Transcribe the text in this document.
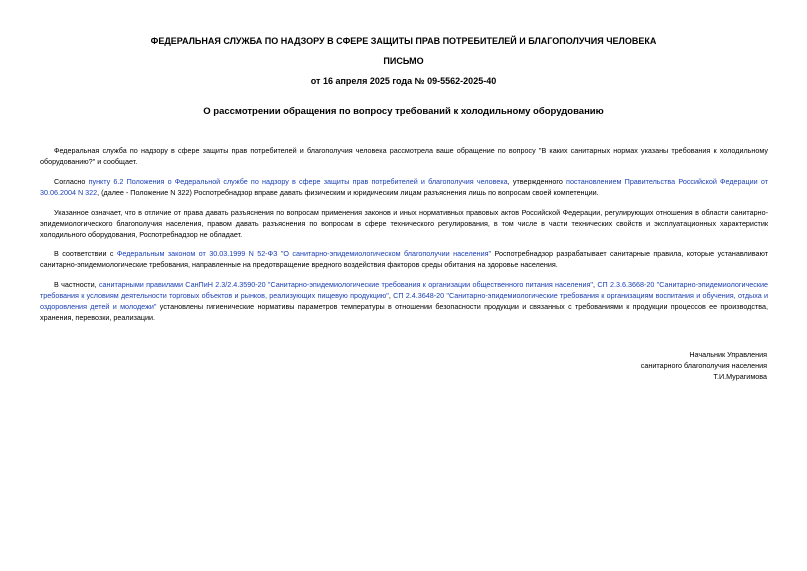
ФЕДЕРАЛЬНАЯ СЛУЖБА ПО НАДЗОРУ В СФЕРЕ ЗАЩИТЫ ПРАВ ПОТРЕБИТЕЛЕЙ И БЛАГОПОЛУЧИЯ ЧЕЛОВЕКА
ПИСЬМО
от 16 апреля 2025 года № 09-5562-2025-40
О рассмотрении обращения по вопросу требований к холодильному оборудованию

Федеральная служба по надзору в сфере защиты прав потребителей и благополучия человека рассмотрела ваше обращение по вопросу "В каких санитарных нормах указаны требования к холодильному оборудованию?" и сообщает.

Согласно пункту 6.2 Положения о Федеральной службе по надзору в сфере защиты прав потребителей и благополучия человека, утвержденного постановлением Правительства Российской Федерации от 30.06.2004 N 322, (далее - Положение N 322) Роспотребнадзор вправе давать физическим и юридическим лицам разъяснения лишь по вопросам своей компетенции.

Указанное означает, что в отличие от права давать разъяснения по вопросам применения законов и иных нормативных правовых актов Российской Федерации, регулирующих отношения в области санитарно-эпидемиологического благополучия населения, правом давать разъяснения по вопросам в сфере технического регулирования, в том числе в части технических свойств и эксплуатационных характеристик холодильного оборудования, Роспотребнадзор не обладает.

В соответствии с Федеральным законом от 30.03.1999 N 52-ФЗ "О санитарно-эпидемиологическом благополучии населения" Роспотребнадзор разрабатывает санитарные правила, которые устанавливают санитарно-эпидемиологические требования, направленные на предотвращение вредного воздействия факторов среды обитания на здоровье населения.

В частности, санитарными правилами СанПиН 2.3/2.4.3590-20 "Санитарно-эпидемиологические требования к организации общественного питания населения", СП 2.3.6.3668-20 "Санитарно-эпидемиологические требования к условиям деятельности торговых объектов и рынков, реализующих пищевую продукцию", СП 2.4.3648-20 "Санитарно-эпидемиологические требования к организациям воспитания и обучения, отдыха и оздоровления детей и молодежи" установлены гигиенические нормативы параметров температуры в отношении безопасности продукции и связанных с требованиями к продукции процессов ее производства, хранения, перевозки, реализации.

Начальник Управления
санитарного благополучия населения
Т.И.Мурагимова
